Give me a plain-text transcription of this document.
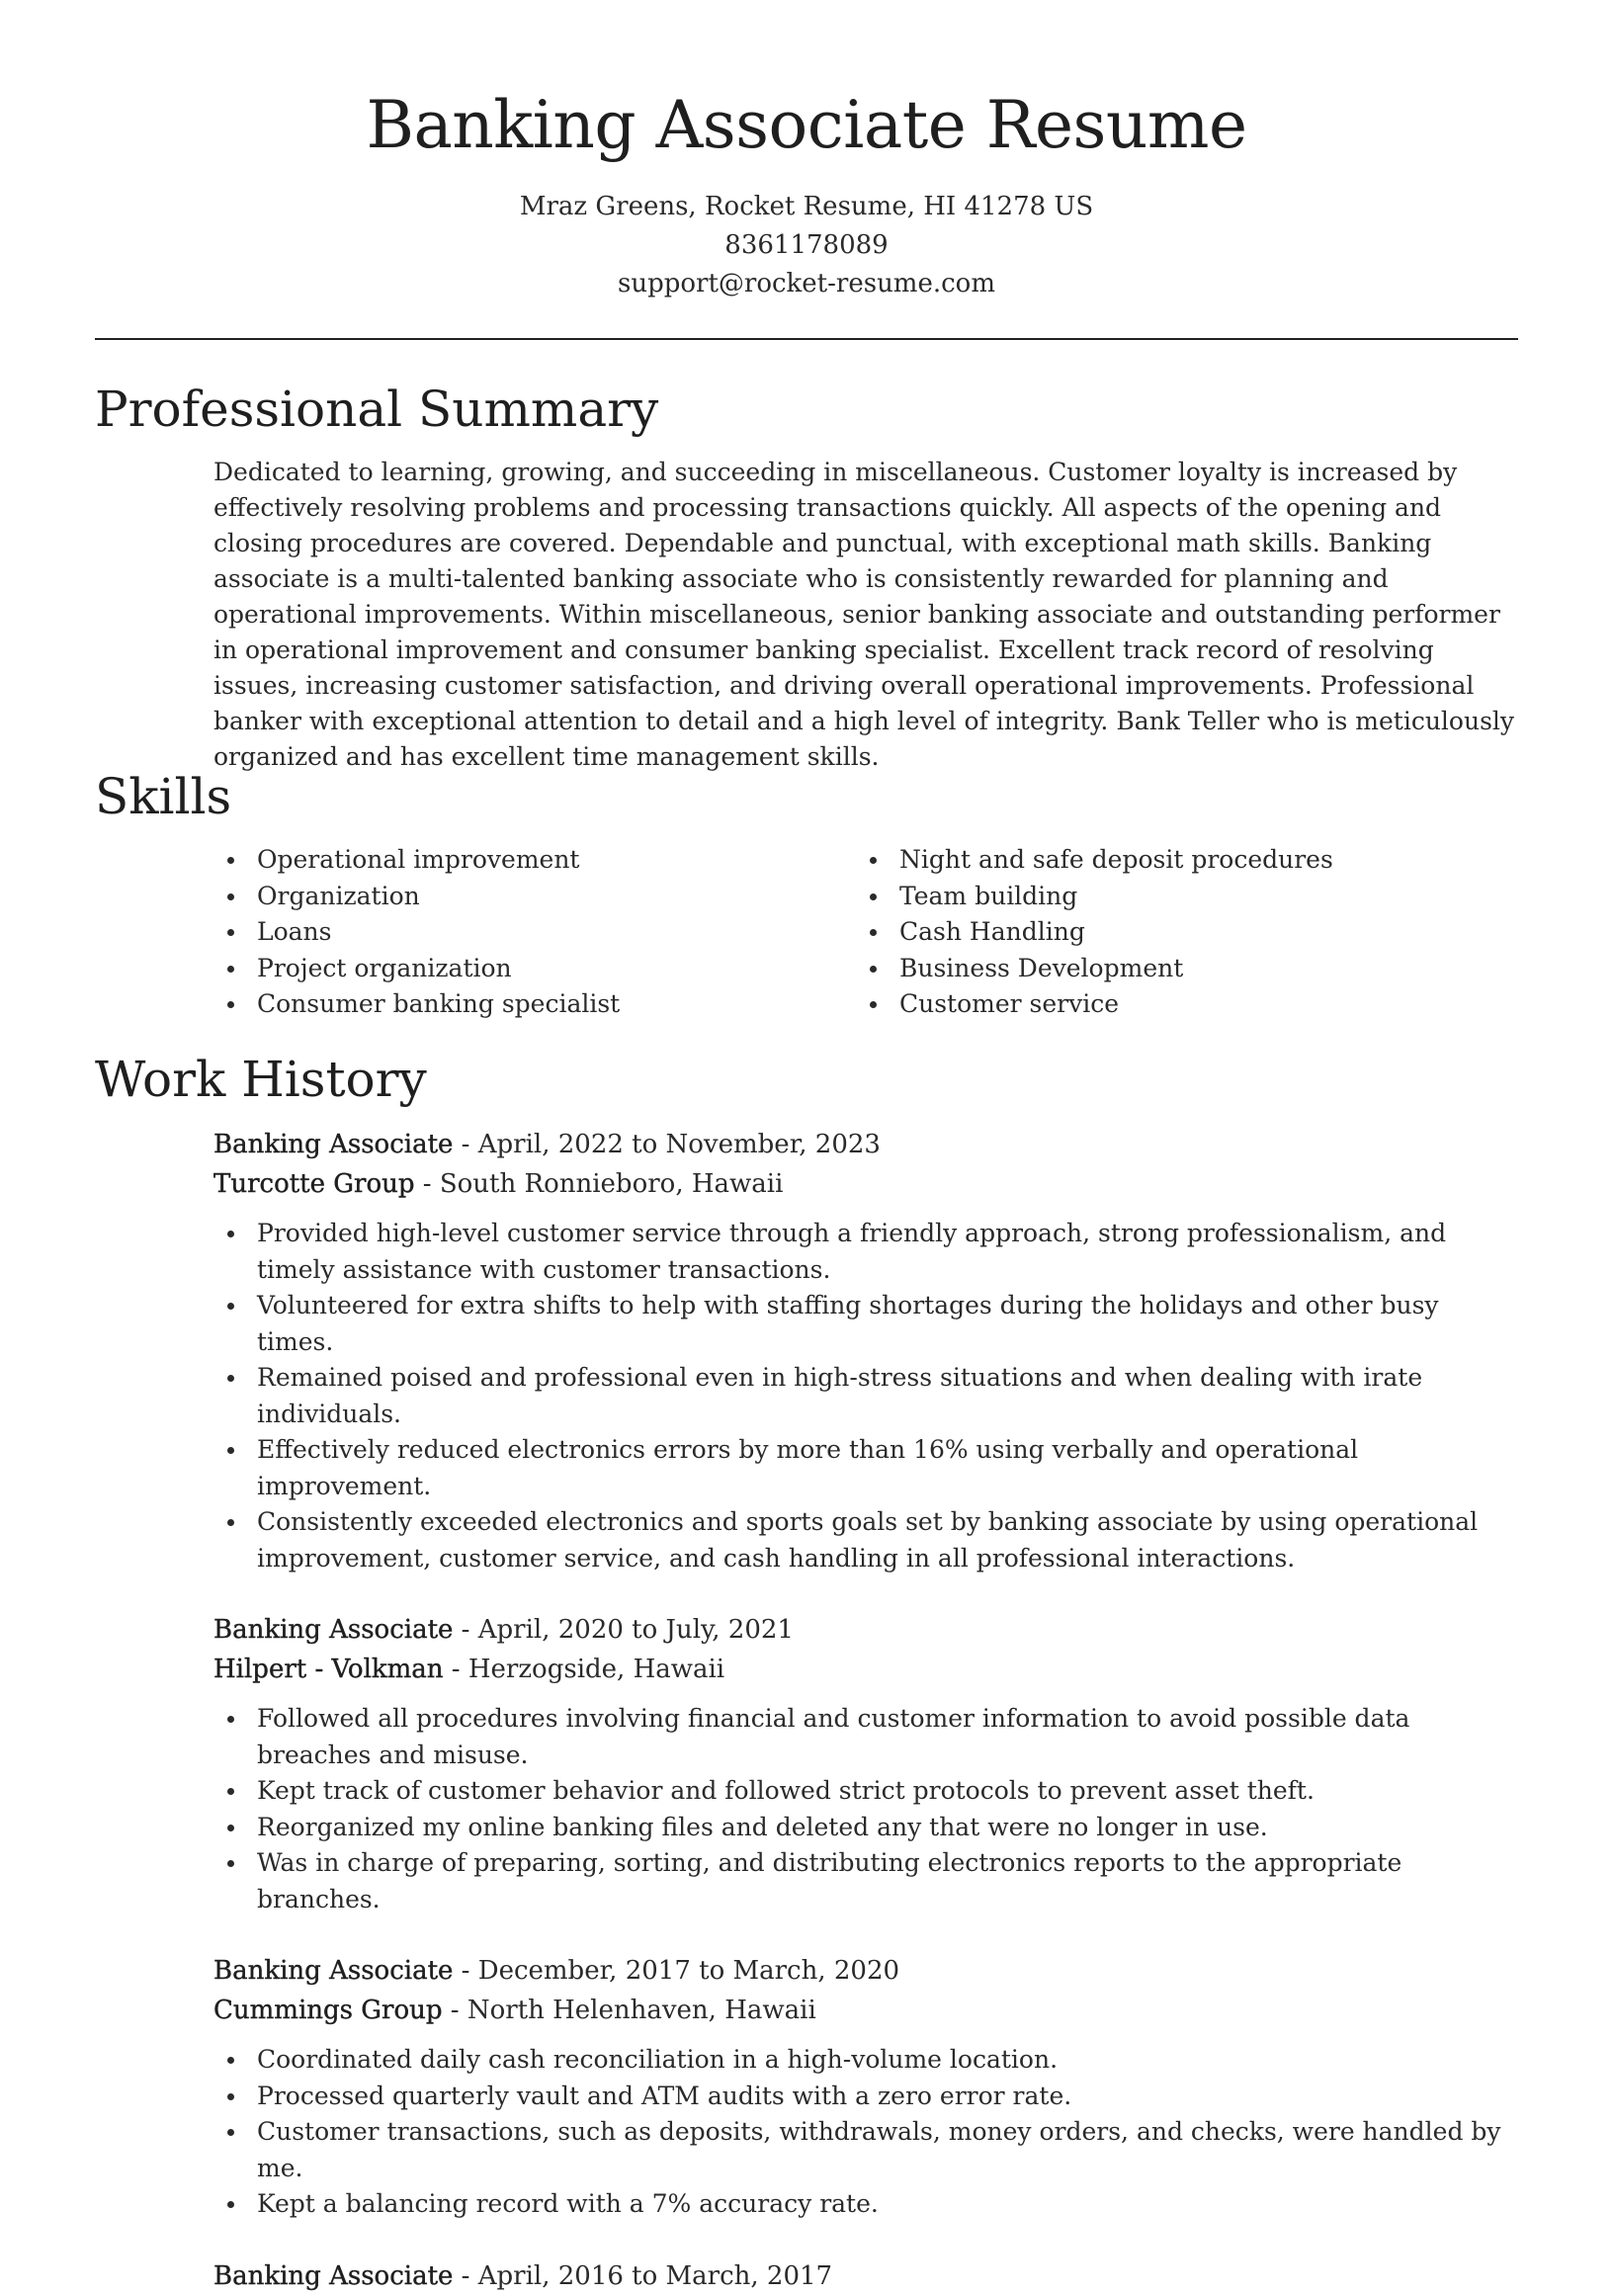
Banking Associate Resume
Mraz Greens, Rocket Resume, HI 41278 US
8361178089
support@rocket-resume.com
Professional Summary

Dedicated to learning, growing, and succeeding in miscellaneous. Customer loyalty is increased by effectively resolving problems and processing transactions quickly. All aspects of the opening and closing procedures are covered. Dependable and punctual, with exceptional math skills. Banking associate is a multi-talented banking associate who is consistently rewarded for planning and operational improvements. Within miscellaneous, senior banking associate and outstanding performer in operational improvement and consumer banking specialist. Excellent track record of resolving issues, increasing customer satisfaction, and driving overall operational improvements. Professional banker with exceptional attention to detail and a high level of integrity. Bank Teller who is meticulously organized and has excellent time management skills.

Skills
Operational improvement
Organization
Loans
Project organization
Consumer banking specialist
Night and safe deposit procedures
Team building
Cash Handling
Business Development
Customer service
Work History
Banking Associate - April, 2022 to November, 2023
Turcotte Group - South Ronnieboro, Hawaii
Provided high-level customer service through a friendly approach, strong professionalism, and timely assistance with customer transactions.
Volunteered for extra shifts to help with staffing shortages during the holidays and other busy times.
Remained poised and professional even in high-stress situations and when dealing with irate individuals.
Effectively reduced electronics errors by more than 16% using verbally and operational improvement.
Consistently exceeded electronics and sports goals set by banking associate by using operational improvement, customer service, and cash handling in all professional interactions.
Banking Associate - April, 2020 to July, 2021
Hilpert - Volkman - Herzogside, Hawaii
Followed all procedures involving financial and customer information to avoid possible data breaches and misuse.
Kept track of customer behavior and followed strict protocols to prevent asset theft.
Reorganized my online banking files and deleted any that were no longer in use.
Was in charge of preparing, sorting, and distributing electronics reports to the appropriate branches.
Banking Associate - December, 2017 to March, 2020
Cummings Group - North Helenhaven, Hawaii
Coordinated daily cash reconciliation in a high-volume location.
Processed quarterly vault and ATM audits with a zero error rate.
Customer transactions, such as deposits, withdrawals, money orders, and checks, were handled by me.
Kept a balancing record with a 7% accuracy rate.
Banking Associate - April, 2016 to March, 2017
